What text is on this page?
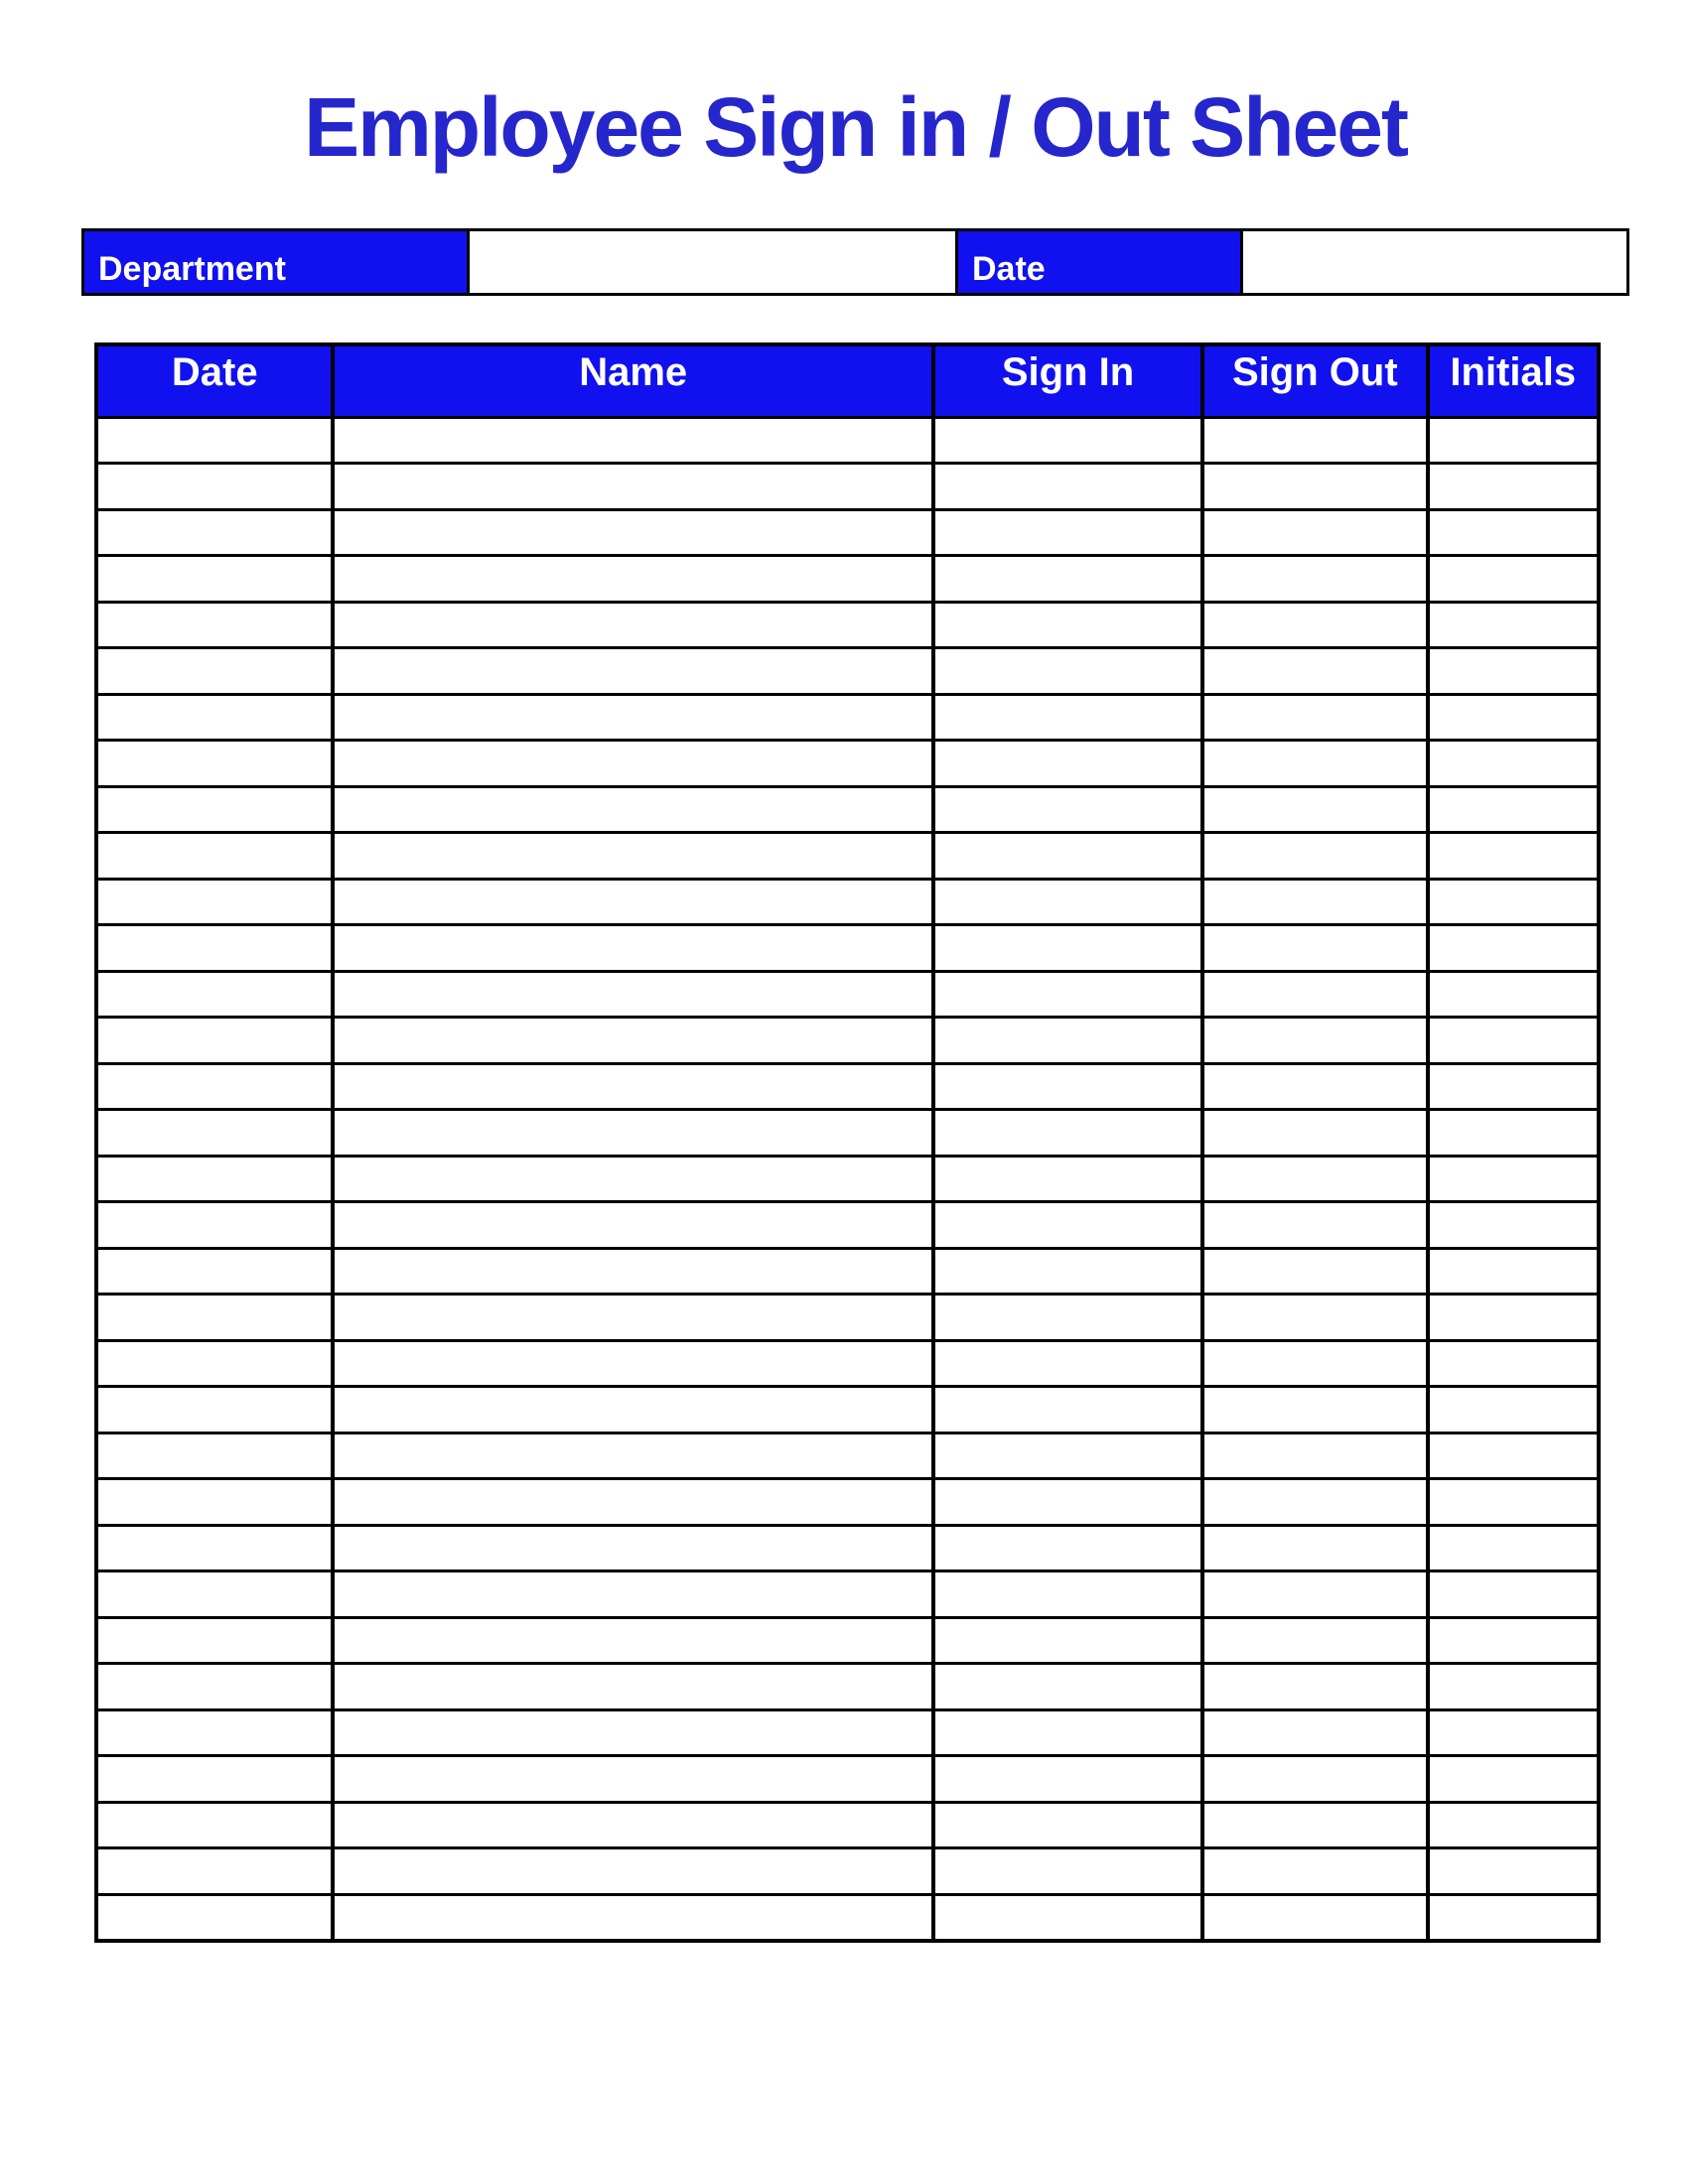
Employee Sign in / Out Sheet
Department	Date
Date	Name	Sign In	Sign Out	Initials
